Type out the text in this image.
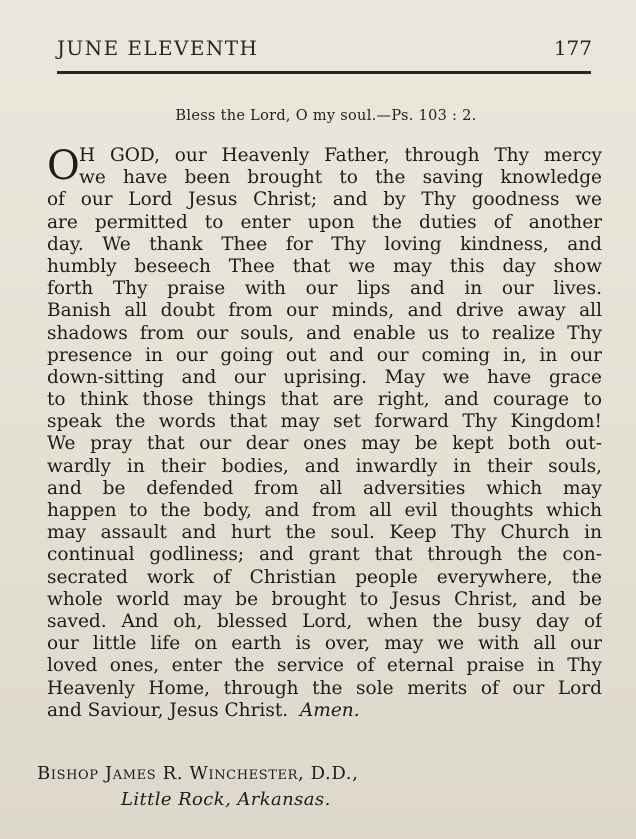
JUNE ELEVENTH	177
Bless the Lord, O my soul.—Ps. 103 : 2.
O H GOD, our Heavenly Father, through Thy mercy
we have been brought to the saving knowledge
of our Lord Jesus Christ; and by Thy goodness we
are permitted to enter upon the duties of another
day. We thank Thee for Thy loving kindness, and
humbly beseech Thee that we may this day show
forth Thy praise with our lips and in our lives.
Banish all doubt from our minds, and drive away all
shadows from our souls, and enable us to realize Thy
presence in our going out and our coming in, in our
down-sitting and our uprising. May we have grace
to think those things that are right, and courage to
speak the words that may set forward Thy Kingdom!
We pray that our dear ones may be kept both out-
wardly in their bodies, and inwardly in their souls,
and be defended from all adversities which may
happen to the body, and from all evil thoughts which
may assault and hurt the soul. Keep Thy Church in
continual godliness; and grant that through the con-
secrated work of Christian people everywhere, the
whole world may be brought to Jesus Christ, and be
saved. And oh, blessed Lord, when the busy day of
our little life on earth is over, may we with all our
loved ones, enter the service of eternal praise in Thy
Heavenly Home, through the sole merits of our Lord
and Saviour, Jesus Christ. Amen.
Bishop James R. Winchester, D.D.,
Little Rock, Arkansas.
